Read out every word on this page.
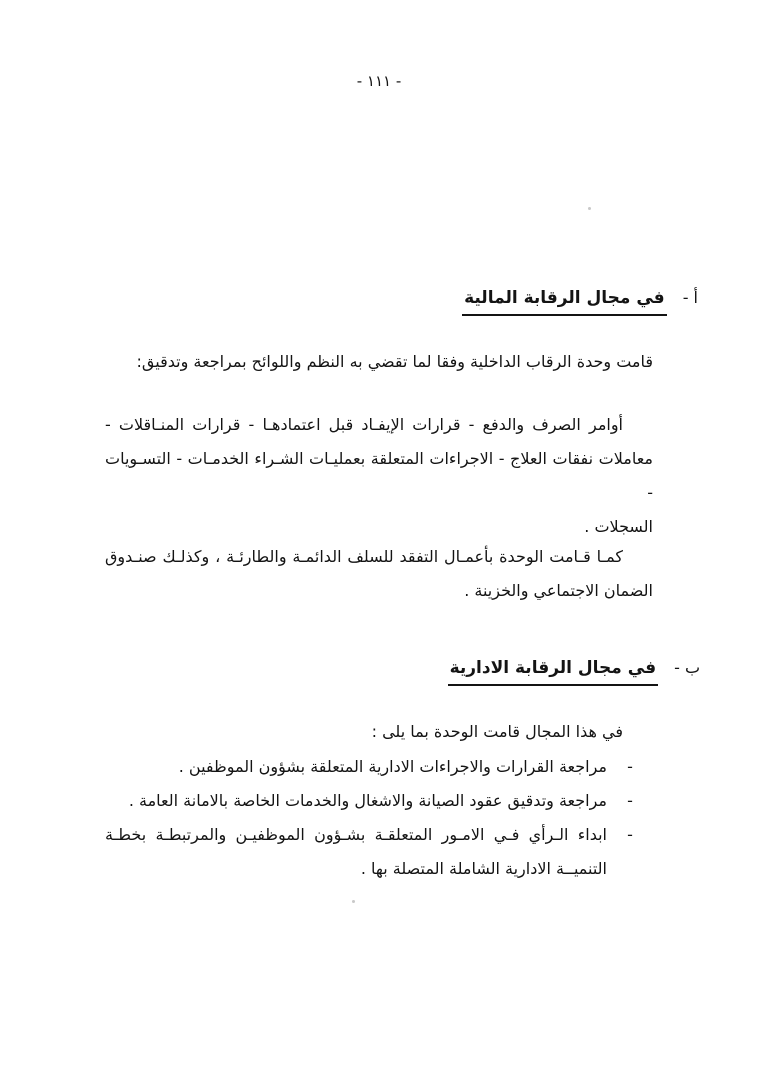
- ١١١ -
أ -
في مجال الرقابة المالية
قامت وحدة الرقاب الداخلية وفقا لما تقضي به النظم واللوائح بمراجعة وتدقيق:
أوامر الصرف والدفع - قرارات الإيفـاد قبل اعتمادهـا - قرارات المنـاقلات -
معاملات نفقات العلاج - الاجراءات المتعلقة بعمليـات الشـراء الخدمـات - التسـويات -
السجلات .
كمـا قـامت الوحدة بأعمـال التفقد للسلف الدائمـة والطارئـة ، وكذلـك صنـدوق
الضمان الاجتماعي والخزينة .
ب -
في مجال الرقابة الادارية
في هذا المجال قامت الوحدة بما يلى :
-
مراجعة القرارات والاجراءات الادارية المتعلقة بشؤون الموظفين .
-
مراجعة وتدقيق عقود الصيانة والاشغال والخدمات الخاصة بالامانة العامة .
-
ابداء الـرأي فـي الامـور المتعلقـة بشـؤون الموظفيـن والمرتبطـة بخطـة التنميــة الادارية الشاملة المتصلة بها .
